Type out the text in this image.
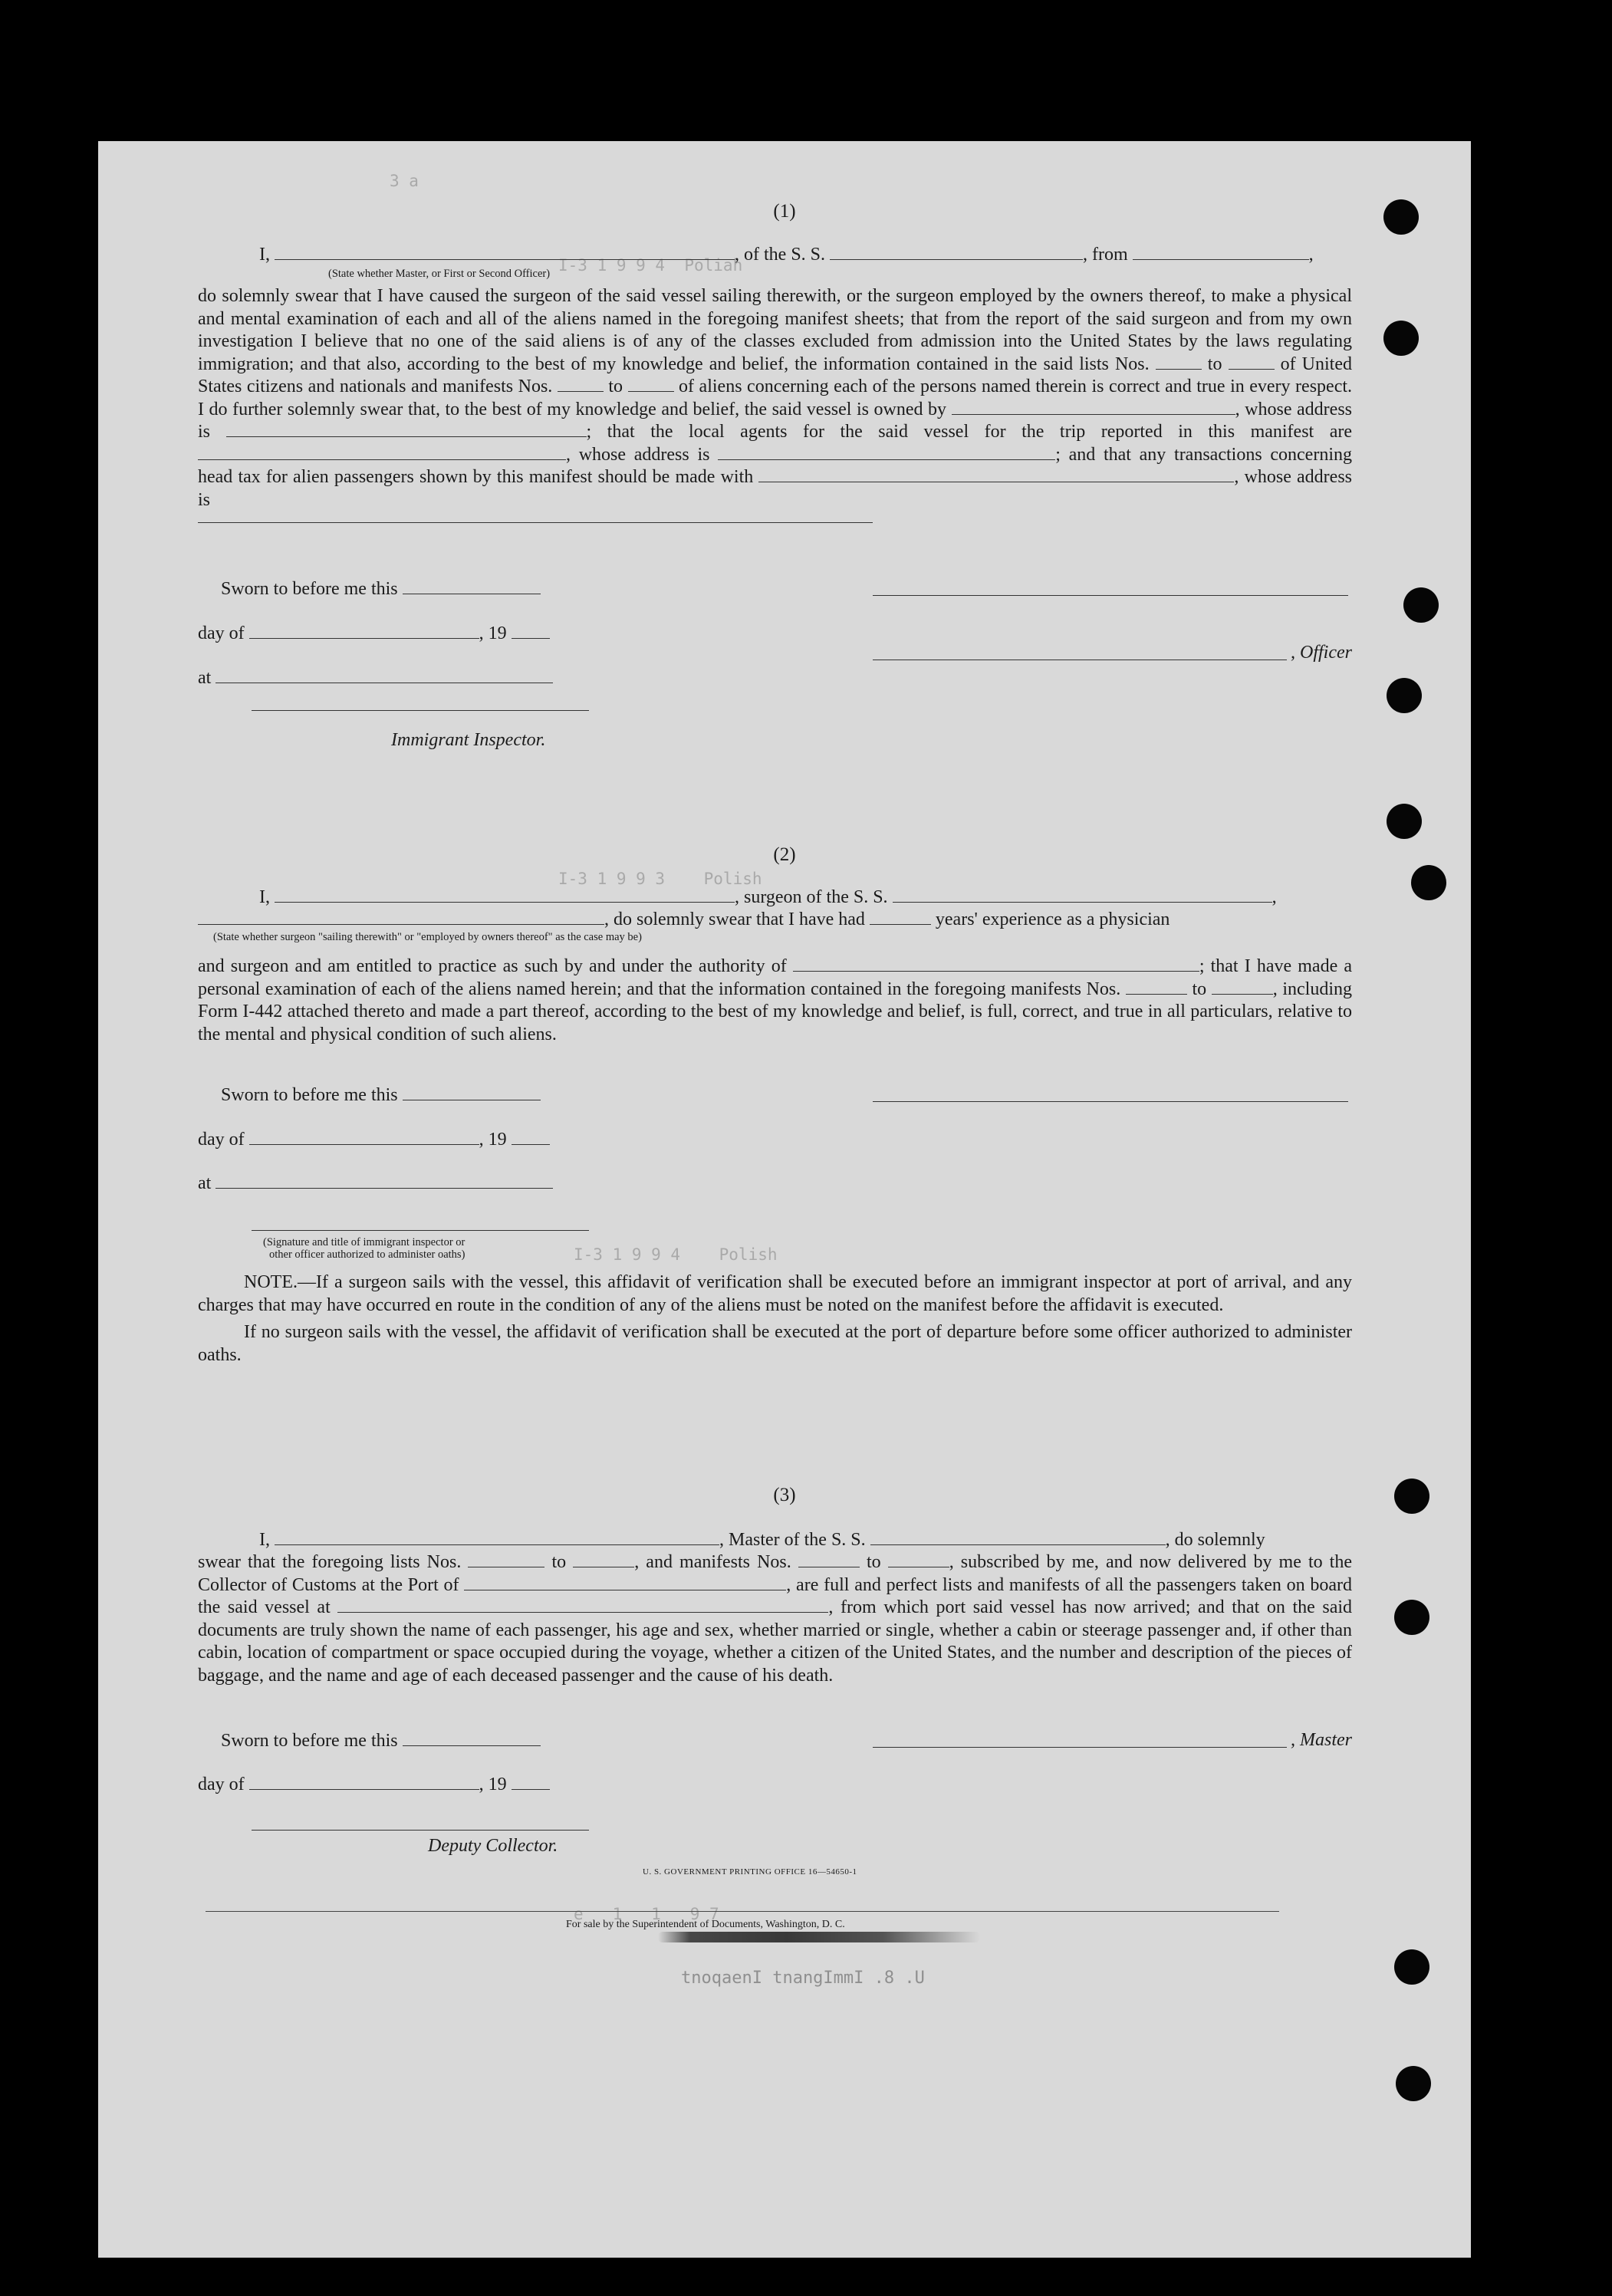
3 a
I-3 1 9 9 4  Poliah
I-3 1 9 9 3    Polish
I-3 1 9 9 4    Polish
e   1   1   9 7
(1)
I,	, of the S. S.	, from	,
(State whether Master, or First or Second Officer)

do solemnly swear that I have caused the surgeon of the said vessel sailing therewith, or the surgeon employed by the owners thereof, to make a physical and mental examination of each and all of the aliens named in the foregoing manifest sheets; that from the report of the said surgeon and from my own investigation I believe that no one of the said aliens is of any of the classes excluded from admission into the United States by the laws regulating immigration; and that also, according to the best of my knowledge and belief, the information contained in the said lists Nos.	to	of United States citizens and nationals and manifests Nos.	to	of aliens concerning each of the persons named therein is correct and true in every respect. I do further solemnly swear that, to the best of my knowledge and belief, the said vessel is owned by	, whose address is	; that the local agents for the said vessel for the trip reported in this manifest are , whose address is	; and that any transactions concerning head tax for alien passengers shown by this manifest should be made with	, whose address is

Sworn to before me this
day of	, 19
, Officer
at
Immigrant Inspector.
(2)
I,	, surgeon of the S. S.	,
, do solemnly swear that I have had	years' experience as a physician
(State whether surgeon "sailing therewith" or "employed by owners thereof" as the case may be)

and surgeon and am entitled to practice as such by and under the authority of	; that I have made a personal examination of each of the aliens named herein; and that the information contained in the foregoing manifests Nos.	to	, including Form I-442 attached thereto and made a part thereof, according to the best of my knowledge and belief, is full, correct, and true in all particulars, relative to the mental and physical condition of such aliens.

Sworn to before me this
day of	, 19
at
(Signature and title of immigrant inspector or
other officer authorized to administer oaths)

NOTE.—If a surgeon sails with the vessel, this affidavit of verification shall be executed before an immigrant inspector at port of arrival, and any charges that may have occurred en route in the condition of any of the aliens must be noted on the manifest before the affidavit is executed.

If no surgeon sails with the vessel, the affidavit of verification shall be executed at the port of departure before some officer authorized to administer oaths.

(3)
I,	, Master of the S. S.	, do solemnly

swear that the foregoing lists Nos.	to	, and manifests Nos.	to	, subscribed by me, and now delivered by me to the Collector of Customs at the Port of	, are full and perfect lists and manifests of all the passengers taken on board the said vessel at	, from which port said vessel has now arrived; and that on the said documents are truly shown the name of each passenger, his age and sex, whether married or single, whether a cabin or steerage passenger and, if other than cabin, location of compartment or space occupied during the voyage, whether a citizen of the United States, and the number and description of the pieces of baggage, and the name and age of each deceased passenger and the cause of his death.

Sworn to before me this	, Master
day of	, 19
Deputy Collector.
U. S. GOVERNMENT PRINTING OFFICE 16—54650-1
For sale by the Superintendent of Documents, Washington, D. C.
tnoqaenI tnangImmI .8 .U
